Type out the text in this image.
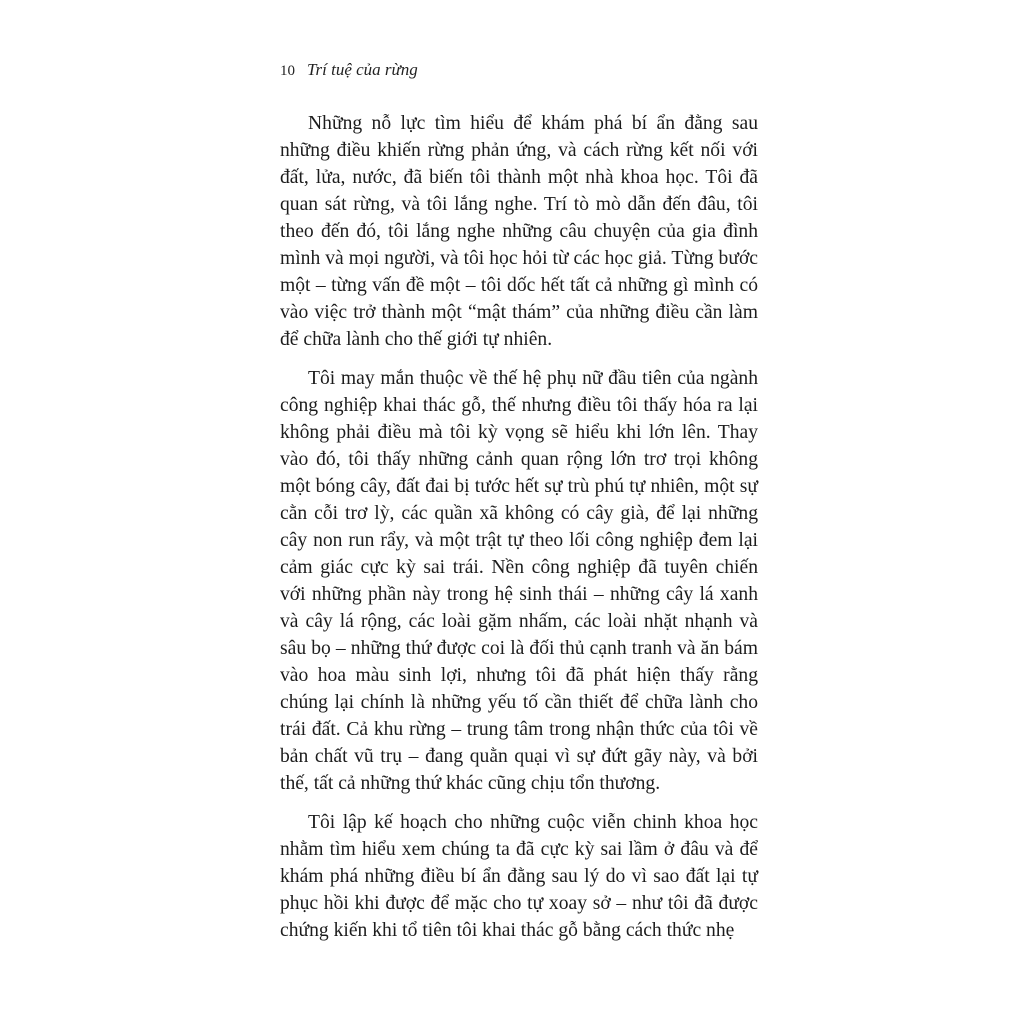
10 Trí tuệ của rừng

Những nỗ lực tìm hiểu để khám phá bí ẩn đằng sau những điều khiến rừng phản ứng, và cách rừng kết nối với đất, lửa, nước, đã biến tôi thành một nhà khoa học. Tôi đã quan sát rừng, và tôi lắng nghe. Trí tò mò dẫn đến đâu, tôi theo đến đó, tôi lắng nghe những câu chuyện của gia đình mình và mọi người, và tôi học hỏi từ các học giả. Từng bước một – từng vấn đề một – tôi dốc hết tất cả những gì mình có vào việc trở thành một “mật thám” của những điều cần làm để chữa lành cho thế giới tự nhiên.

Tôi may mắn thuộc về thế hệ phụ nữ đầu tiên của ngành công nghiệp khai thác gỗ, thế nhưng điều tôi thấy hóa ra lại không phải điều mà tôi kỳ vọng sẽ hiểu khi lớn lên. Thay vào đó, tôi thấy những cảnh quan rộng lớn trơ trọi không một bóng cây, đất đai bị tước hết sự trù phú tự nhiên, một sự cằn cỗi trơ lỳ, các quần xã không có cây già, để lại những cây non run rẩy, và một trật tự theo lối công nghiệp đem lại cảm giác cực kỳ sai trái. Nền công nghiệp đã tuyên chiến với những phần này trong hệ sinh thái – những cây lá xanh và cây lá rộng, các loài gặm nhấm, các loài nhặt nhạnh và sâu bọ – những thứ được coi là đối thủ cạnh tranh và ăn bám vào hoa màu sinh lợi, nhưng tôi đã phát hiện thấy rằng chúng lại chính là những yếu tố cần thiết để chữa lành cho trái đất. Cả khu rừng – trung tâm trong nhận thức của tôi về bản chất vũ trụ – đang quằn quại vì sự đứt gãy này, và bởi thế, tất cả những thứ khác cũng chịu tổn thương.

Tôi lập kế hoạch cho những cuộc viễn chinh khoa học nhằm tìm hiểu xem chúng ta đã cực kỳ sai lầm ở đâu và để khám phá những điều bí ẩn đằng sau lý do vì sao đất lại tự phục hồi khi được để mặc cho tự xoay sở – như tôi đã được chứng kiến khi tổ tiên tôi khai thác gỗ bằng cách thức nhẹ
